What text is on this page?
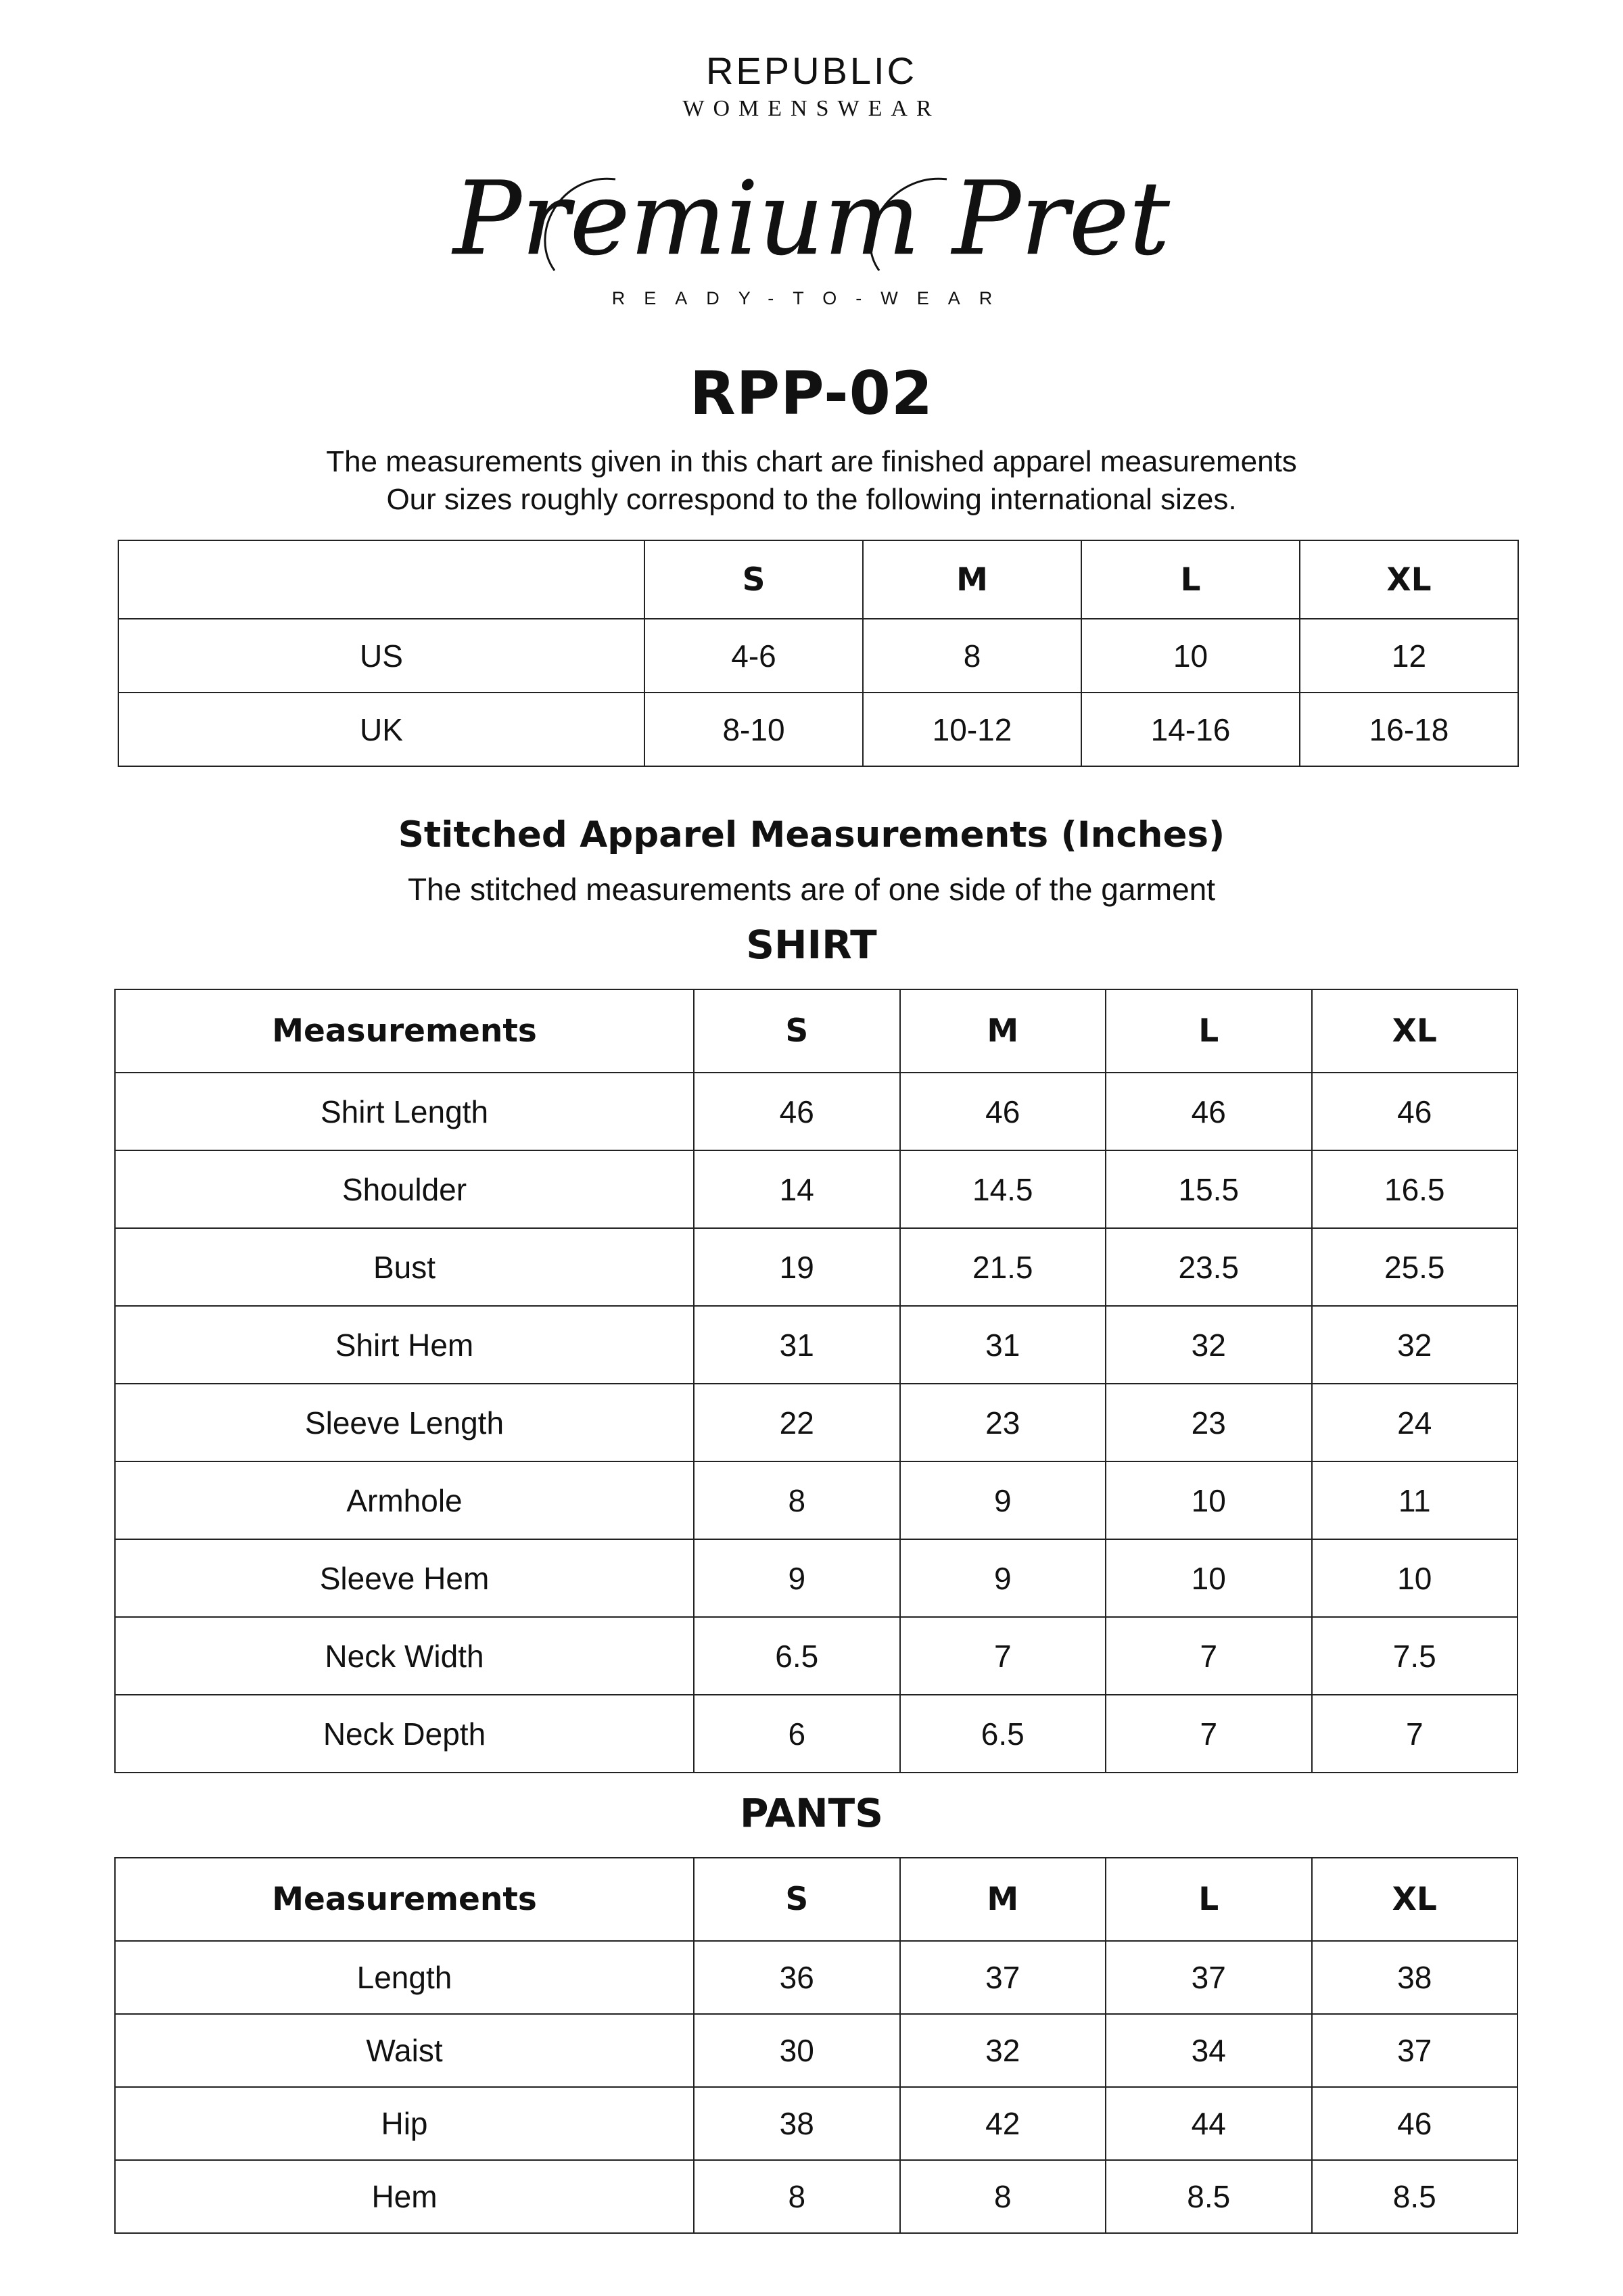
REPUBLIC
WOMENSWEAR
Premium Pret
READY-TO-WEAR
RPP-02
The measurements given in this chart are finished apparel measurements
Our sizes roughly correspond to the following international sizes.
	S	M	L	XL
US	4-6	8	10	12
UK	8-10	10-12	14-16	16-18
Stitched Apparel Measurements (Inches)
The stitched measurements are of one side of the garment
SHIRT
Measurements	S	M	L	XL
Shirt Length	46	46	46	46
Shoulder	14	14.5	15.5	16.5
Bust	19	21.5	23.5	25.5
Shirt Hem	31	31	32	32
Sleeve Length	22	23	23	24
Armhole	8	9	10	11
Sleeve Hem	9	9	10	10
Neck Width	6.5	7	7	7.5
Neck Depth	6	6.5	7	7
PANTS
Measurements	S	M	L	XL
Length	36	37	37	38
Waist	30	32	34	37
Hip	38	42	44	46
Hem	8	8	8.5	8.5
